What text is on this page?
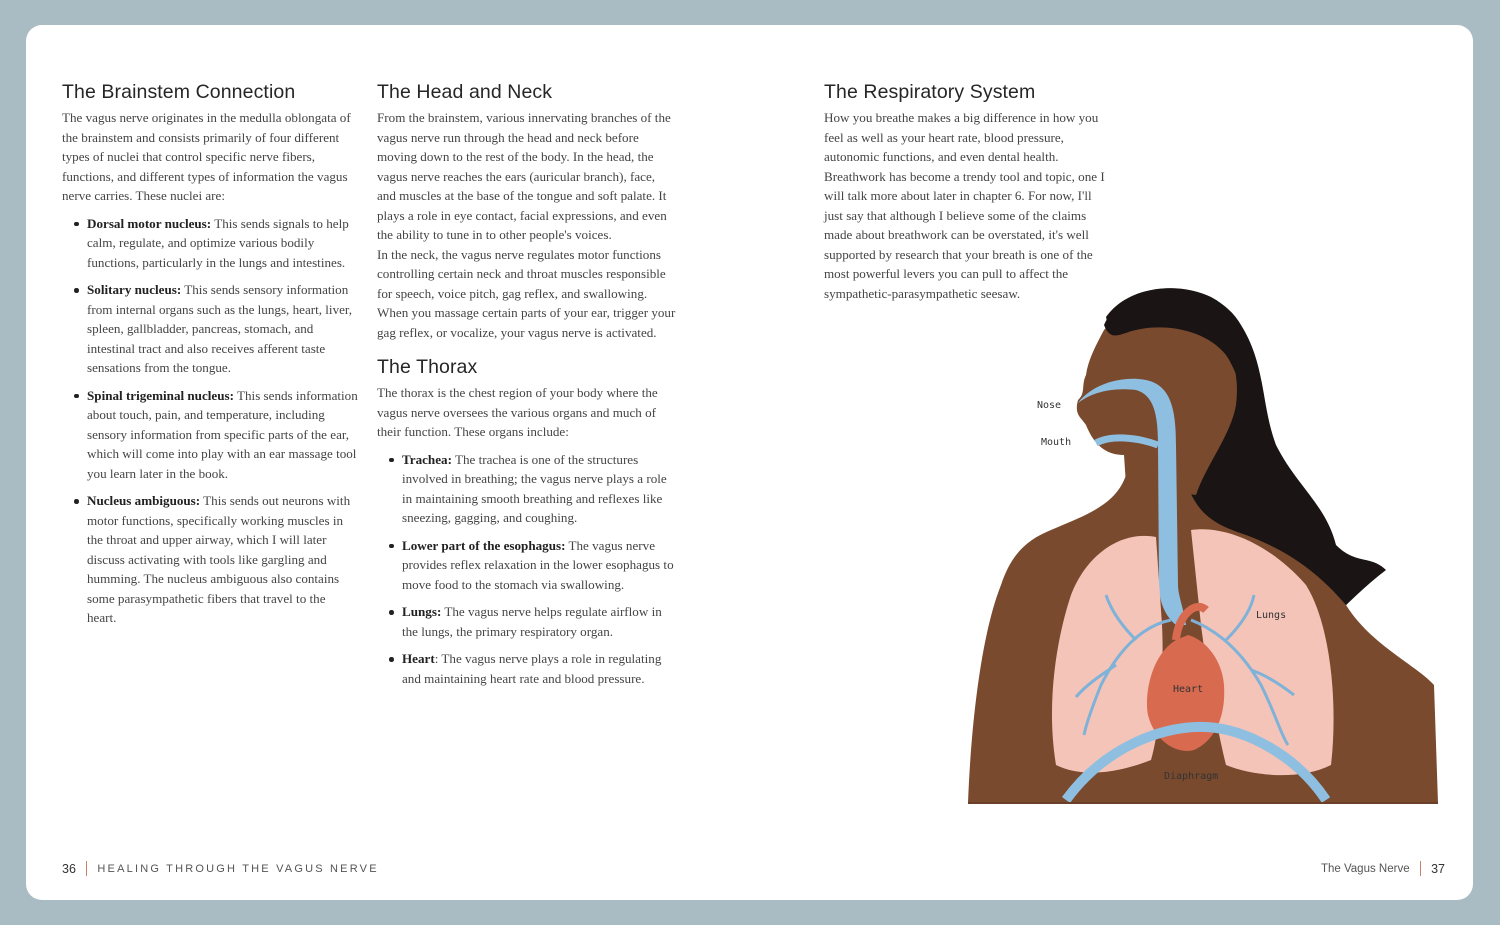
The Brainstem Connection

The vagus nerve originates in the medulla oblongata of the brainstem and consists primarily of four different types of nuclei that control specific nerve fibers, functions, and different types of information the vagus nerve carries. These nuclei are:

Dorsal motor nucleus: This sends signals to help calm, regulate, and optimize various bodily functions, particularly in the lungs and intestines.
Solitary nucleus: This sends sensory information from internal organs such as the lungs, heart, liver, spleen, gallbladder, pancreas, stomach, and intestinal tract and also receives afferent taste sensations from the tongue.
Spinal trigeminal nucleus: This sends information about touch, pain, and temperature, including sensory information from specific parts of the ear, which will come into play with an ear massage tool you learn later in the book.
Nucleus ambiguous: This sends out neurons with motor functions, specifically working muscles in the throat and upper airway, which I will later discuss activating with tools like gargling and humming. The nucleus ambiguous also contains some parasympathetic fibers that travel to the heart.
The Head and Neck

From the brainstem, various innervating branches of the vagus nerve run through the head and neck before moving down to the rest of the body. In the head, the vagus nerve reaches the ears (auricular branch), face, and muscles at the base of the tongue and soft palate. It plays a role in eye contact, facial expressions, and even the ability to tune in to other people's voices.

In the neck, the vagus nerve regulates motor functions controlling certain neck and throat muscles responsible for speech, voice pitch, gag reflex, and swallowing. When you massage certain parts of your ear, trigger your gag reflex, or vocalize, your vagus nerve is activated.

The Thorax

The thorax is the chest region of your body where the vagus nerve oversees the various organs and much of their function. These organs include:

Trachea: The trachea is one of the structures involved in breathing; the vagus nerve plays a role in maintaining smooth breathing and reflexes like sneezing, gagging, and coughing.
Lower part of the esophagus: The vagus nerve provides reflex relaxation in the lower esophagus to move food to the stomach via swallowing.
Lungs: The vagus nerve helps regulate airflow in the lungs, the primary respiratory organ.
Heart: The vagus nerve plays a role in regulating and maintaining heart rate and blood pressure.
Nose
Mouth
Lungs
Heart
Diaphragm
The Respiratory System

How you breathe makes a big difference in how you feel as well as your heart rate, blood pressure, autonomic functions, and even dental health. Breathwork has become a trendy tool and topic, one I will talk more about later in chapter 6. For now, I'll just say that although I believe some of the claims made about breathwork can be overstated, it's well supported by research that your breath is one of the most powerful levers you can pull to affect the sympathetic-parasympathetic seesaw.

36 HEALING THROUGH THE VAGUS NERVE	The Vagus Nerve 37
